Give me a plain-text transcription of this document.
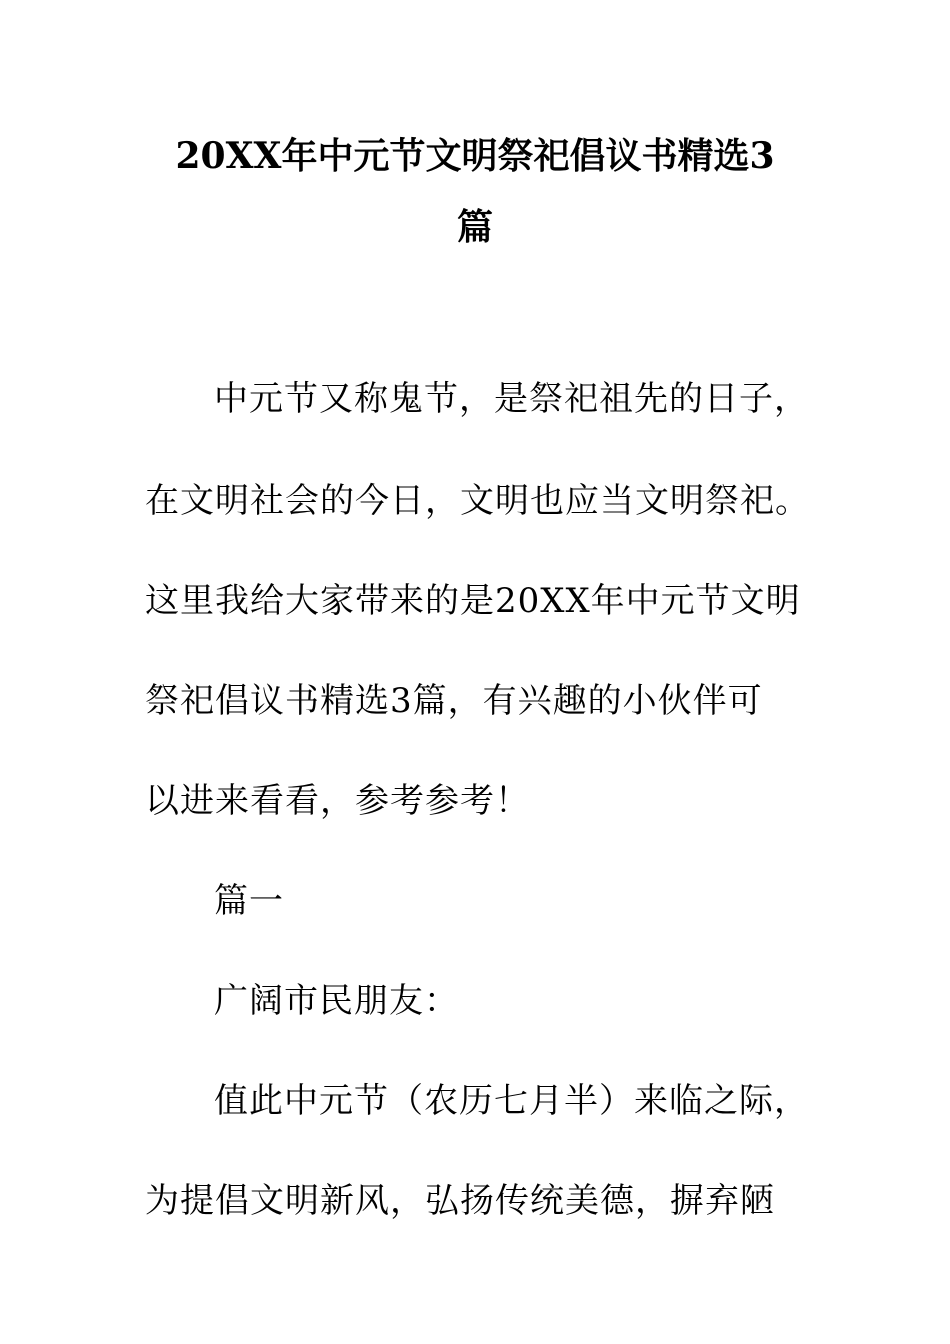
20XX年中元节文明祭祀倡议书精选3
篇

中元节又称鬼节，是祭祀祖先的日子，

在文明社会的今日，文明也应当文明祭祀。

这里我给大家带来的是20XX年中元节文明

祭祀倡议书精选3篇，有兴趣的小伙伴可

以进来看看，参考参考！

篇一

广阔市民朋友：

值此中元节（农历七月半）来临之际，

为提倡文明新风，弘扬传统美德，摒弃陋
